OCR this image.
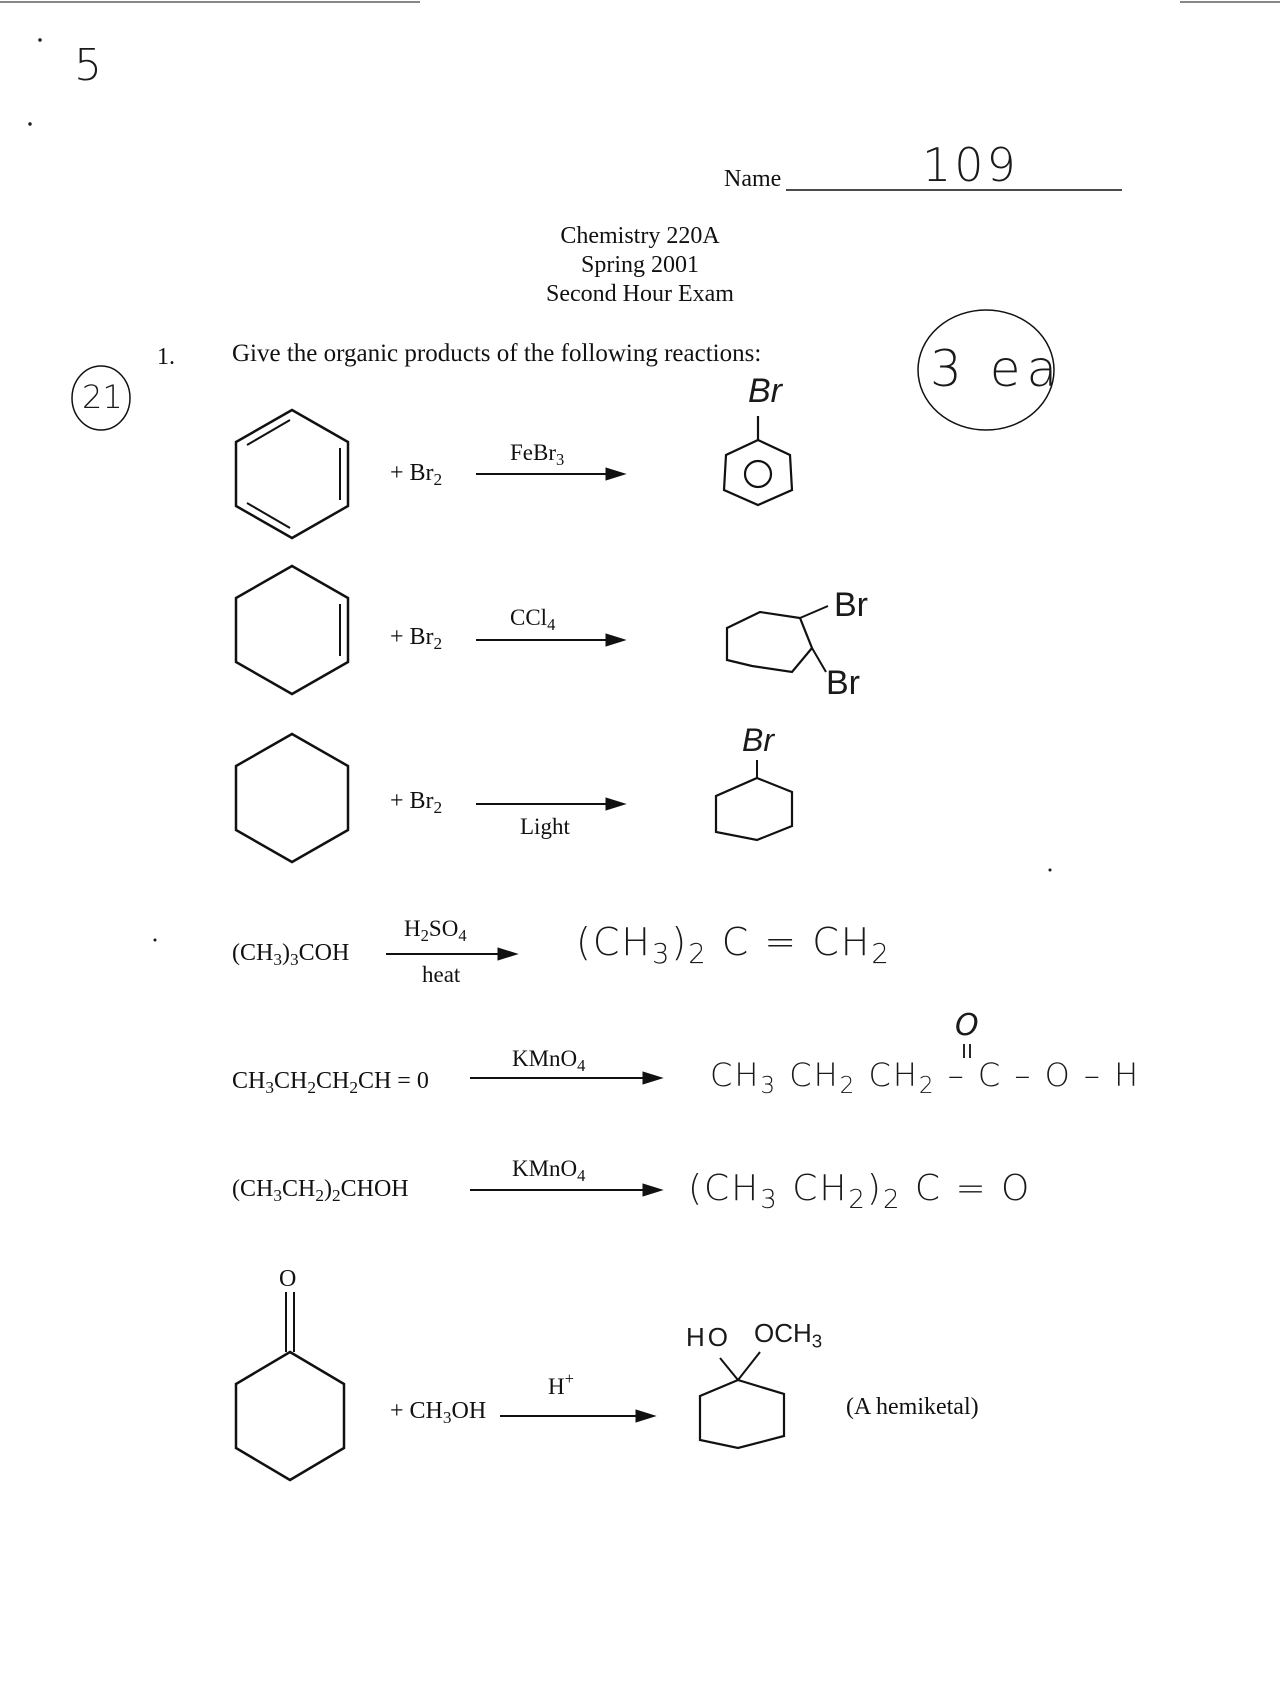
5
21	3 ea
Name	109
Chemistry 220A
Spring 2001
Second Hour Exam
1. Give the organic products of the following reactions:
+ $Br_2$
FeBr$_3$
Br
+ $Br_2$
CCl$_4$
Br
Br
+ $Br_2$
Light
Br
$(CH_3)_3COH$
$H_2SO_4$
heat
$(CH_3)_2$ $C = CH_2$
$CH_3CH_2CH_2CH = 0$
KMnO$_4$
O
$CH_3$ $CH_2$ $CH_2$ – C – O – H
$(CH_3CH_2)_2CHOH$
KMnO$_4$	($CH_3$ $CH_2)_2$ C = O
O
+ $CH_3OH$
H+
HO $OCH_3$
(A hemiketal)
